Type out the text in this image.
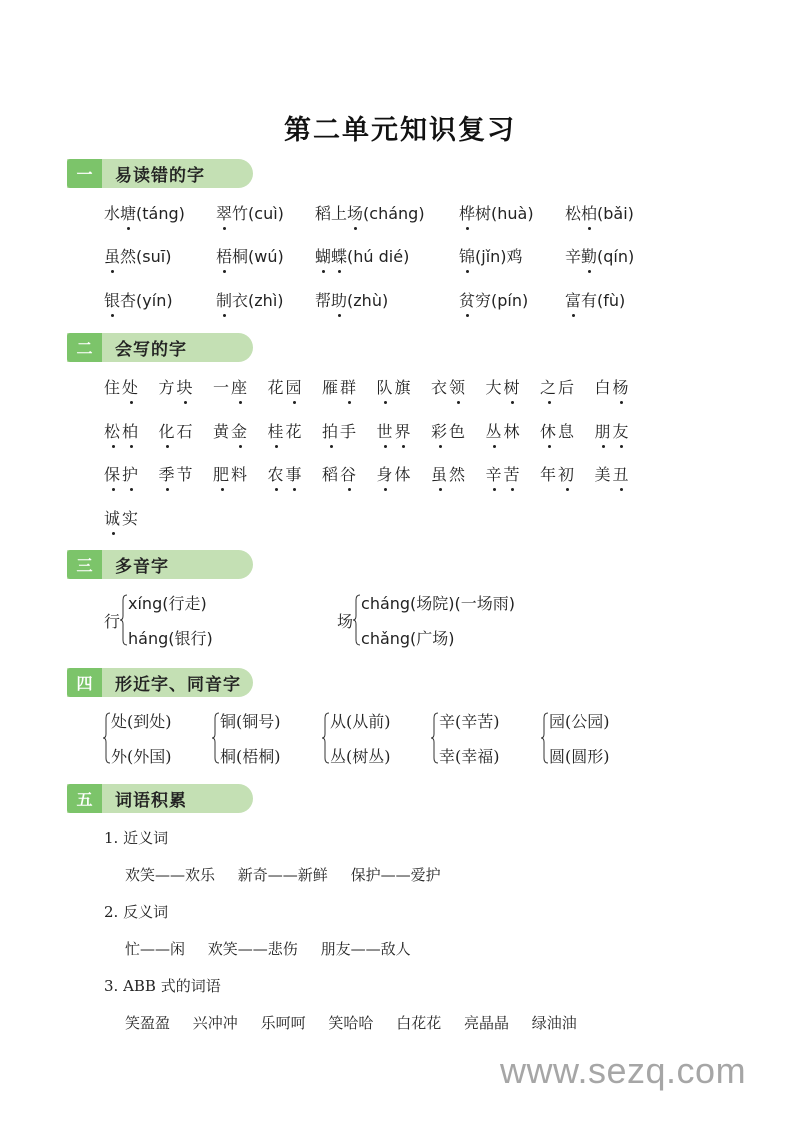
第二单元知识复习
一	易读错的字
二	会写的字
三	多音字
四	形近字、同音字
五	词语积累
水塘(táng) 翠竹(cuì) 稻上场(cháng) 桦树(huà) 松柏(bǎi)
虽然(suī)	梧桐(wú) 蝴蝶(hú dié)	锦(jǐn)鸡	辛勤(qín)
银杏(yín)	制衣(zhì) 帮助(zhù)	贫穷(pín) 富有(fù)
住处 方块 一座 花园 雁群 队旗 衣领 大树 之后 白杨
松柏 化石 黄金 桂花 拍手 世界 彩色 丛林 休息 朋友
保护 季节 肥料 农事 稻谷 身体 虽然 辛苦 年初 美丑
诚实
行
xíng(行走)
háng(银行)
场
cháng(场院)(一场雨)
chǎng(广场)
处(到处)
外(外国)
铜(铜号)
桐(梧桐)
从(从前)
丛(树丛)
辛(辛苦)
幸(幸福)
园(公园)
圆(圆形)
1. 近义词
欢笑——欢乐 新奇——新鲜 保护——爱护
2. 反义词
忙——闲 欢笑——悲伤 朋友——敌人
3. ABB 式的词语
笑盈盈 兴冲冲 乐呵呵 笑哈哈 白花花 亮晶晶 绿油油
www.sezq.com
